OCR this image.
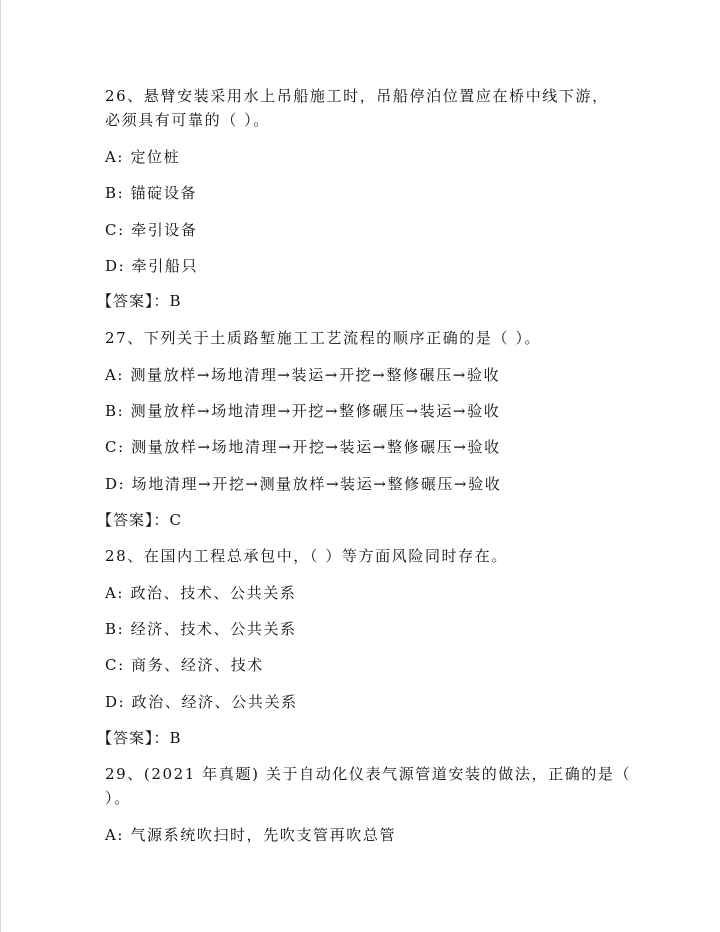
26、悬臂安装采用水上吊船施工时，吊船停泊位置应在桥中线下游，
必须具有可靠的（ ）。
A: 定位桩
B: 锚碇设备
C: 牵引设备
D: 牵引船只
【答案】：B
27、下列关于土质路堑施工工艺流程的顺序正确的是（ ）。
A: 测量放样→场地清理→装运→开挖→整修碾压→验收
B: 测量放样→场地清理→开挖→整修碾压→装运→验收
C: 测量放样→场地清理→开挖→装运→整修碾压→验收
D: 场地清理→开挖→测量放样→装运→整修碾压→验收
【答案】：C
28、在国内工程总承包中，（ ）等方面风险同时存在。
A: 政治、技术、公共关系
B: 经济、技术、公共关系
C: 商务、经济、技术
D: 政治、经济、公共关系
【答案】：B
29、(2021 年真题) 关于自动化仪表气源管道安装的做法，正确的是（
）。
A: 气源系统吹扫时，先吹支管再吹总管
